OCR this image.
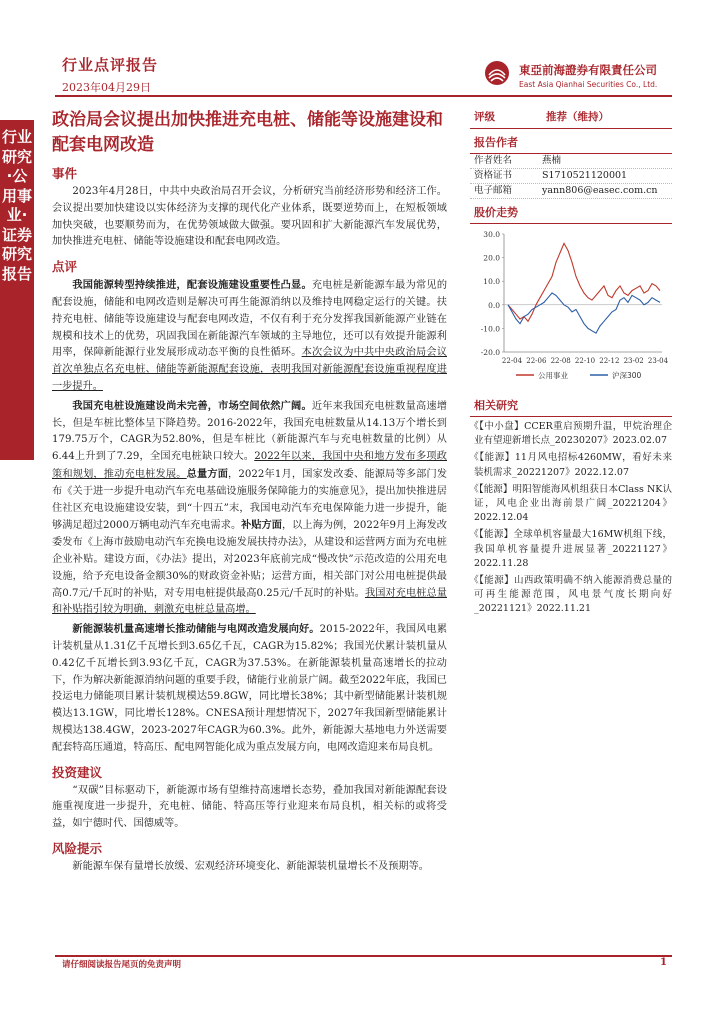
行业点评报告
2023年04月29日
東亞前海證券有限責任公司
East Asia Qianhai Securities Co., Ltd.
行业研究·公用事业·证券研究报告
政治局会议提出加快推进充电桩、储能等设施建设和配套电网改造
事件

2023年4月28日，中共中央政治局召开会议，分析研究当前经济形势和经济工作。会议提出要加快建设以实体经济为支撑的现代化产业体系，既要逆势而上，在短板领域加快突破，也要顺势而为，在优势领域做大做强。要巩固和扩大新能源汽车发展优势，加快推进充电桩、储能等设施建设和配套电网改造。

点评

我国能源转型持续推进，配套设施建设重要性凸显。充电桩是新能源车最为常见的配套设施，储能和电网改造则是解决可再生能源消纳以及维持电网稳定运行的关键。扶持充电桩、储能等设施建设与配套电网改造，不仅有利于充分发挥我国新能源产业链在规模和技术上的优势，巩固我国在新能源汽车领域的主导地位，还可以有效提升能源利用率，保障新能源行业发展形成动态平衡的良性循环。本次会议为中共中央政治局会议首次单独点名充电桩、储能等新能源配套设施，表明我国对新能源配套设施重视程度进一步提升。

我国充电桩设施建设尚未完善，市场空间依然广阔。近年来我国充电桩数量高速增长，但是车桩比整体呈下降趋势。2016-2022年，我国充电桩数量从14.13万个增长到179.75万个，CAGR为52.80%，但是车桩比（新能源汽车与充电桩数量的比例）从6.44上升到了7.29，全国充电桩缺口较大。2022年以来，我国中央和地方发布多项政策和规划，推动充电桩发展。总量方面，2022年1月，国家发改委、能源局等多部门发布《关于进一步提升电动汽车充电基础设施服务保障能力的实施意见》，提出加快推进居住社区充电设施建设安装，到“十四五”末，我国电动汽车充电保障能力进一步提升，能够满足超过2000万辆电动汽车充电需求。补贴方面，以上海为例，2022年9月上海发改委发布《上海市鼓励电动汽车充换电设施发展扶持办法》，从建设和运营两方面为充电桩企业补贴。建设方面，《办法》提出，对2023年底前完成“慢改快”示范改造的公用充电设施，给予充电设备金额30%的财政资金补贴；运营方面，相关部门对公用电桩提供最高0.7元/千瓦时的补贴，对专用电桩提供最高0.25元/千瓦时的补贴。我国对充电桩总量和补贴指引较为明确，刺激充电桩总量高增。

新能源装机量高速增长推动储能与电网改造发展向好。2015-2022年，我国风电累计装机量从1.31亿千瓦增长到3.65亿千瓦，CAGR为15.82%；我国光伏累计装机量从0.42亿千瓦增长到3.93亿千瓦，CAGR为37.53%。在新能源装机量高速增长的拉动下，作为解决新能源消纳问题的重要手段，储能行业前景广阔。截至2022年底，我国已投运电力储能项目累计装机规模达59.8GW，同比增长38%；其中新型储能累计装机规模达13.1GW，同比增长128%。CNESA预计理想情况下，2027年我国新型储能累计规模达138.4GW，2023-2027年CAGR为60.3%。此外，新能源大基地电力外送需要配套特高压通道，特高压、配电网智能化成为重点发展方向，电网改造迎来布局良机。

投资建议

“双碳”目标驱动下，新能源市场有望维持高速增长态势，叠加我国对新能源配套设施重视度进一步提升，充电桩、储能、特高压等行业迎来布局良机，相关标的或将受益，如宁德时代、国德威等。

风险提示

新能源车保有量增长放缓、宏观经济环境变化、新能源装机量增长不及预期等。

评级	推荐（维持）
报告作者
作者姓名	燕楠
资格证书	S1710521120001
电子邮箱	yann806@easec.com.cn
股价走势
-20.0
-10.0
0.0
10.0
20.0
30.0
22-04 22-06 22-08 22-10 22-12 23-02 23-04
公用事业	沪深300
相关研究

《【中小盘】CCER重启预期升温，甲烷治理企业有望迎新增长点_20230207》2023.02.07

《【能源】11月风电招标4260MW，看好未来装机需求_20221207》2022.12.07

《【能源】明阳智能海风机组获日本Class NK认证，风电企业出海前景广阔_20221204》2022.12.04

《【能源】全球单机容量最大16MW机组下线，我国单机容量提升进展显著_20221127》2022.11.28

《【能源】山西政策明确不纳入能源消费总量的可再生能源范围，风电景气度长期向好_20221121》2022.11.21

请仔细阅读报告尾页的免责声明	1
